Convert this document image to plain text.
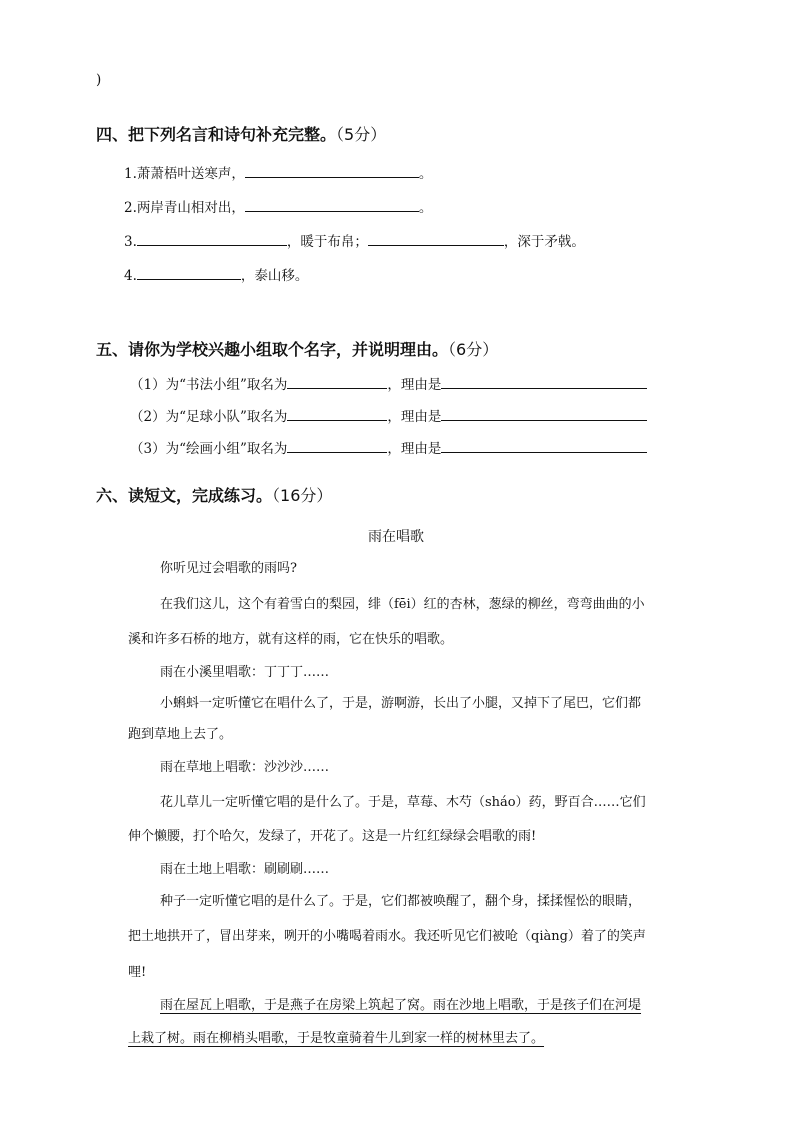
)
四、把下列名言和诗句补充完整。（5分）
1.萧萧梧叶送寒声，	。
2.两岸青山相对出，	。
3.	，暖于布帛；	，深于矛戟。
4.	，泰山移。
五、请你为学校兴趣小组取个名字，并说明理由。（6分）
（1）为“书法小组”取名为	，理由是
（2）为“足球小队”取名为	，理由是
（3）为“绘画小组”取名为	，理由是
六、读短文，完成练习。（16分）
雨在唱歌
你听见过会唱歌的雨吗?
在我们这儿，这个有着雪白的梨园，绯（fēi）红的杏林，葱绿的柳丝，弯弯曲曲的小
溪和许多石桥的地方，就有这样的雨，它在快乐的唱歌。
雨在小溪里唱歌：丁丁丁……
小蝌蚪一定听懂它在唱什么了，于是，游啊游，长出了小腿，又掉下了尾巴，它们都
跑到草地上去了。
雨在草地上唱歌：沙沙沙……
花儿草儿一定听懂它唱的是什么了。于是，草莓、木芍（sháo）药，野百合……它们
伸个懒腰，打个哈欠，发绿了，开花了。这是一片红红绿绿会唱歌的雨!
雨在土地上唱歌：刷刷刷……
种子一定听懂它唱的是什么了。于是，它们都被唤醒了，翻个身，揉揉惺忪的眼睛，
把土地拱开了，冒出芽来，咧开的小嘴喝着雨水。我还听见它们被呛（qiàng）着了的笑声
哩!
雨在屋瓦上唱歌，于是燕子在房梁上筑起了窝。雨在沙地上唱歌，于是孩子们在河堤
上栽了树。雨在柳梢头唱歌，于是牧童骑着牛儿到家一样的树林里去了。
